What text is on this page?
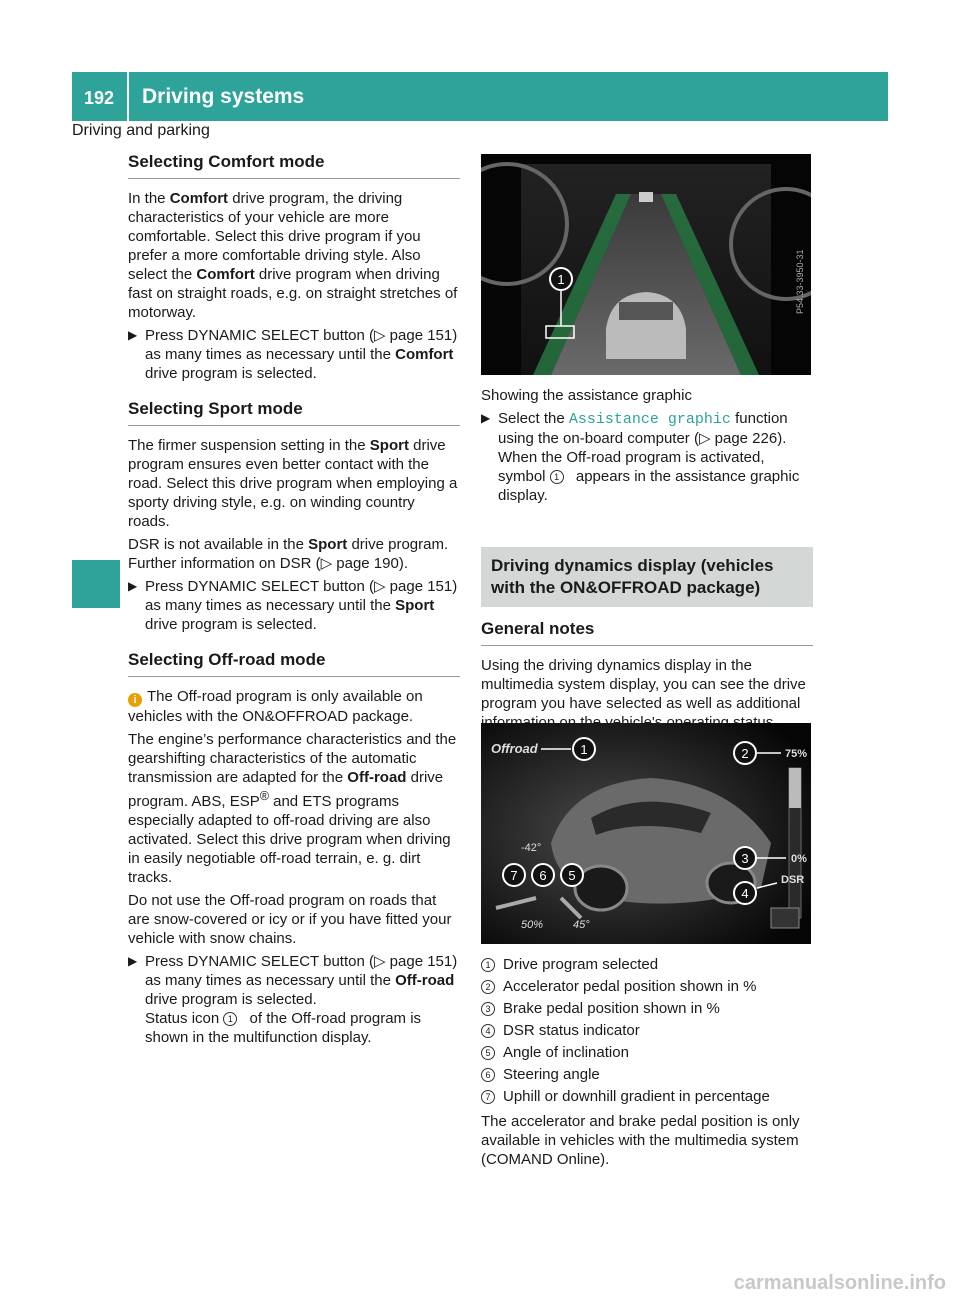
192 Driving systems
Driving and parking
Selecting Comfort mode

In the Comfort drive program, the driving characteristics of your vehicle are more comfortable. Select this drive program if you prefer a more comfortable driving style. Also select the Comfort drive program when driving fast on straight roads, e.g. on straight stretches of motorway.

▶ Press DYNAMIC SELECT button (▷ page 151) as many times as necessary until the Comfort drive program is selected.
Selecting Sport mode

The firmer suspension setting in the Sport drive program ensures even better contact with the road. Select this drive program when employing a sporty driving style, e.g. on winding country roads.

DSR is not available in the Sport drive program. Further information on DSR (▷ page 190).

▶ Press DYNAMIC SELECT button (▷ page 151) as many times as necessary until the Sport drive program is selected.
Selecting Off-road mode

i The Off-road program is only available on vehicles with the ON&OFFROAD package.

The engine’s performance characteristics and the gearshifting characteristics of the automatic transmission are adapted for the Off-road drive program. ABS, ESP® and ETS programs especially adapted to off-road driving are also activated. Select this drive program when driving in easily negotiable off-road terrain, e. g. dirt tracks.

Do not use the Off-road program on roads that are snow-covered or icy or if you have fitted your vehicle with snow chains.

▶ Press DYNAMIC SELECT button (▷ page 151) as many times as necessary until the Off-road drive program is selected.
Status icon 1 of the Off-road program is shown in the multifunction display.
1	P54.33-3950-31

Showing the assistance graphic

▶ Select the Assistance graphic function using the on-board computer (▷ page 226).
When the Off-road program is activated, symbol 1 appears in the assistance graphic display.
Driving dynamics display (vehicles with the ON&OFFROAD package)
General notes

Using the driving dynamics display in the multimedia system display, you can see the drive program you have selected as well as additional

Offroad	1	2	75%
3	0%
4
DSR
-42°
7 6 5
50%	45°
1 Drive program selected
2 Accelerator pedal position shown in %
3 Brake pedal position shown in %
4 DSR status indicator
5 Angle of inclination
6 Steering angle
7 Uphill or downhill gradient in percentage

The accelerator and brake pedal position is only available in vehicles with the multimedia system (COMAND Online).

carmanualsonline.info
